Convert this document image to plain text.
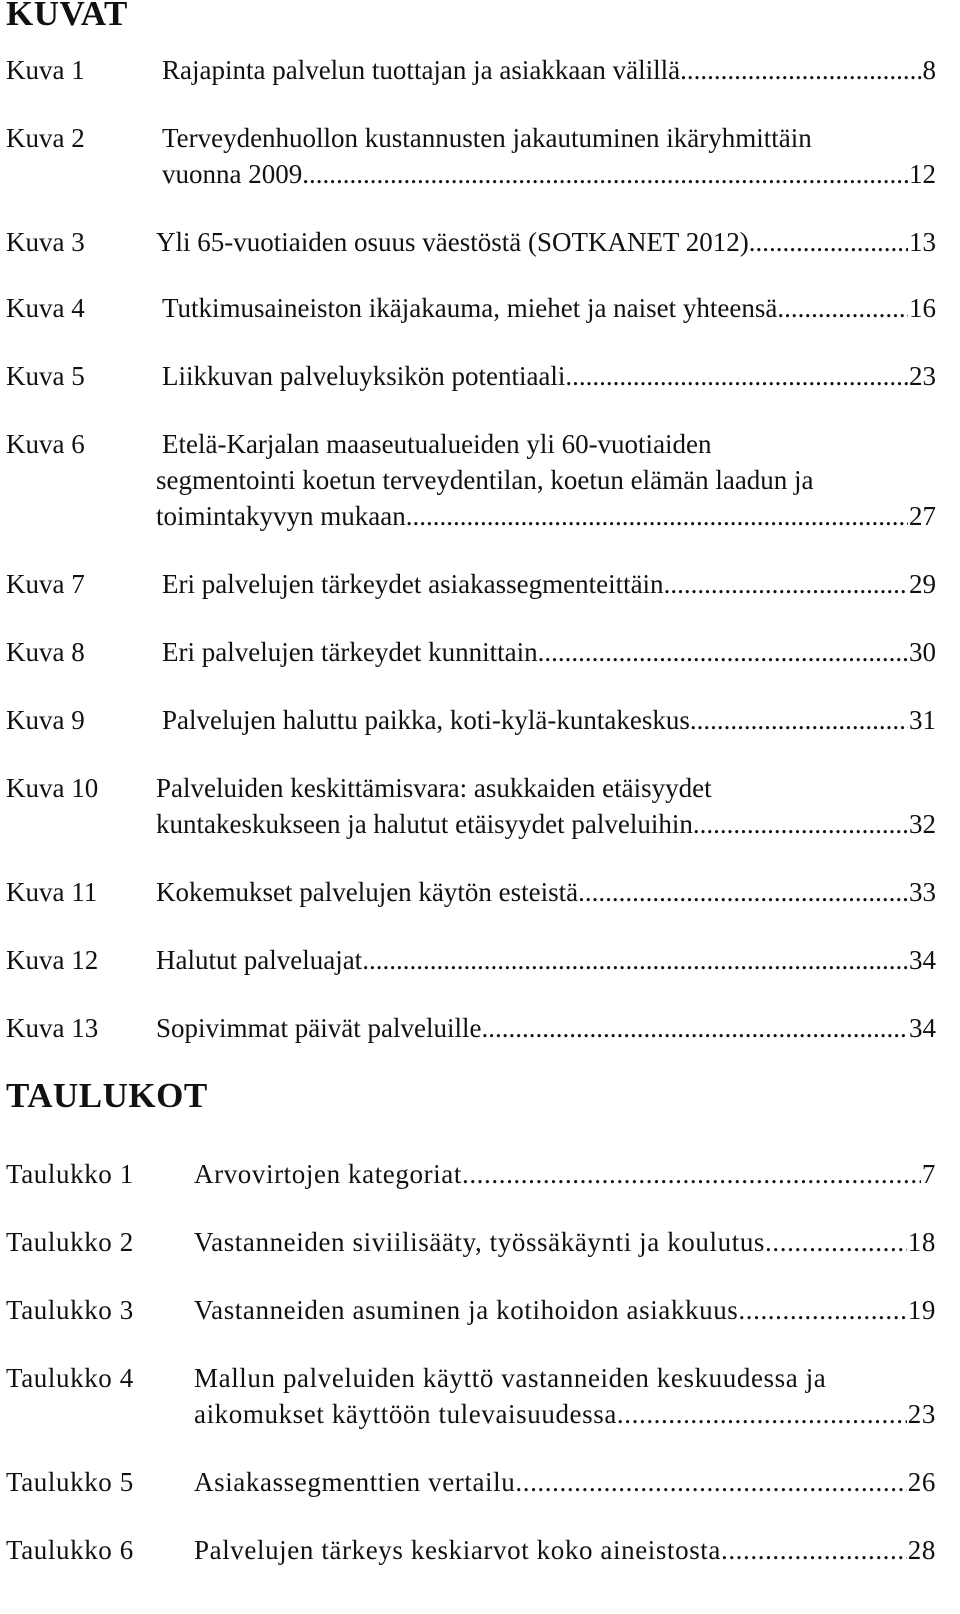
KUVAT
Kuva 1	Rajapinta palvelun tuottajan ja asiakkaan välillä .....	8
Kuva 2	Terveydenhuollon kustannusten jakautuminen ikäryhmittäin
vuonna 2009. .....	12
Kuva 3	Yli 65-vuotiaiden osuus väestöstä (SOTKANET 2012) .....	13
Kuva 4	Tutkimusaineiston ikäjakauma, miehet ja naiset yhteensä .....	16
Kuva 5	Liikkuvan palveluyksikön potentiaali .....	23
Kuva 6	Etelä-Karjalan maaseutualueiden yli 60-vuotiaiden
segmentointi koetun terveydentilan, koetun elämän laadun ja
toimintakyvyn mukaan. .....	27
Kuva 7	Eri palvelujen tärkeydet asiakassegmenteittäin .....	29
Kuva 8	Eri palvelujen tärkeydet kunnittain .....	30
Kuva 9	Palvelujen haluttu paikka, koti-kylä-kuntakeskus .....	31
Kuva 10 Palveluiden keskittämisvara: asukkaiden etäisyydet
kuntakeskukseen ja halutut etäisyydet palveluihin .....	32
Kuva 11 Kokemukset palvelujen käytön esteistä .....	33
Kuva 12 Halutut palveluajat .....	34
Kuva 13 Sopivimmat päivät palveluille .....	34
TAULUKOT
Taulukko 1 Arvovirtojen kategoriat .....	7
Taulukko 2 Vastanneiden siviilisääty, työssäkäynti ja koulutus .....	18
Taulukko 3 Vastanneiden asuminen ja kotihoidon asiakkuus .....	19
Taulukko 4 Mallun palveluiden käyttö vastanneiden keskuudessa ja
aikomukset käyttöön tulevaisuudessa. .....	23
Taulukko 5 Asiakassegmenttien vertailu .....	26
Taulukko 6 Palvelujen tärkeys keskiarvot koko aineistosta .....	28
